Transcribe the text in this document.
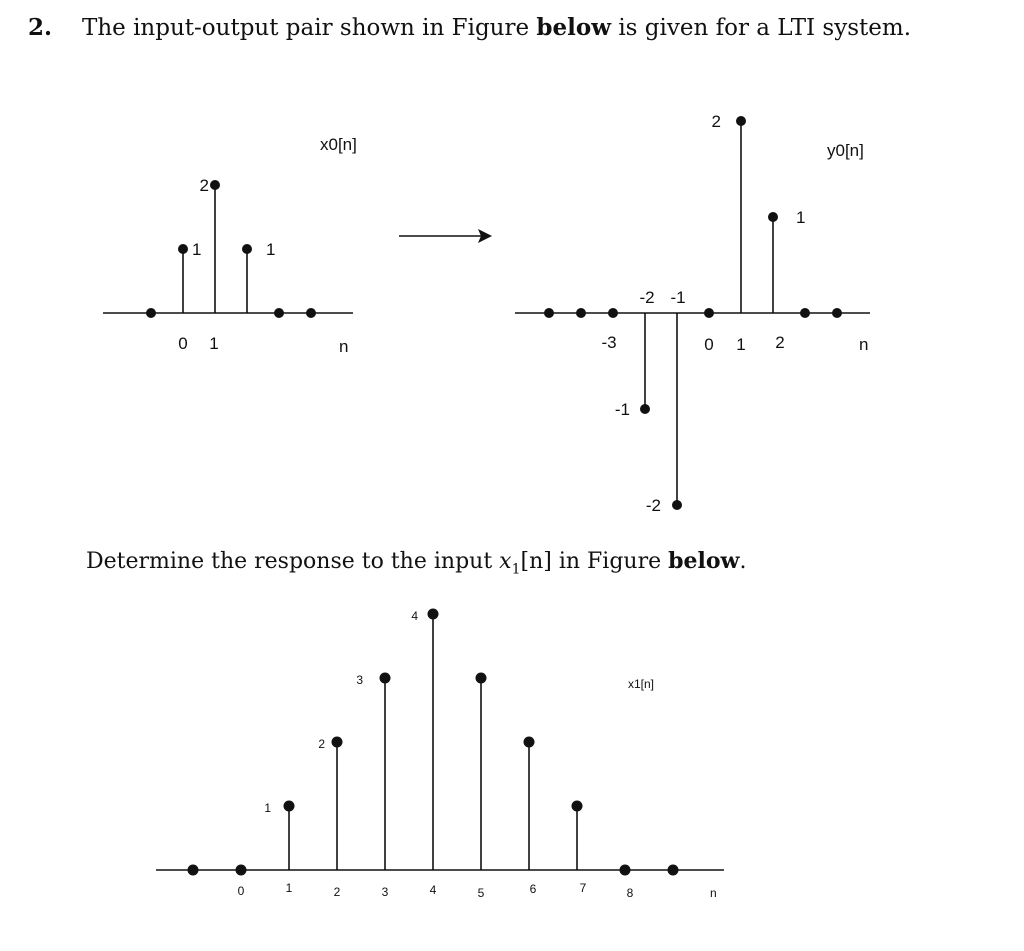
2. The input-output pair shown in Figure below is given for a LTI system.
Determine the response to the input $x_1[n]$ in Figure below.
0 1
1
2
1
x0[n]
n	-3
-2 -1
0 1 2
-1
-2
2
1
y0[n]
n
0	1	2	3	4	5	6	7	8
1
2
3
4
x1[n]
n
